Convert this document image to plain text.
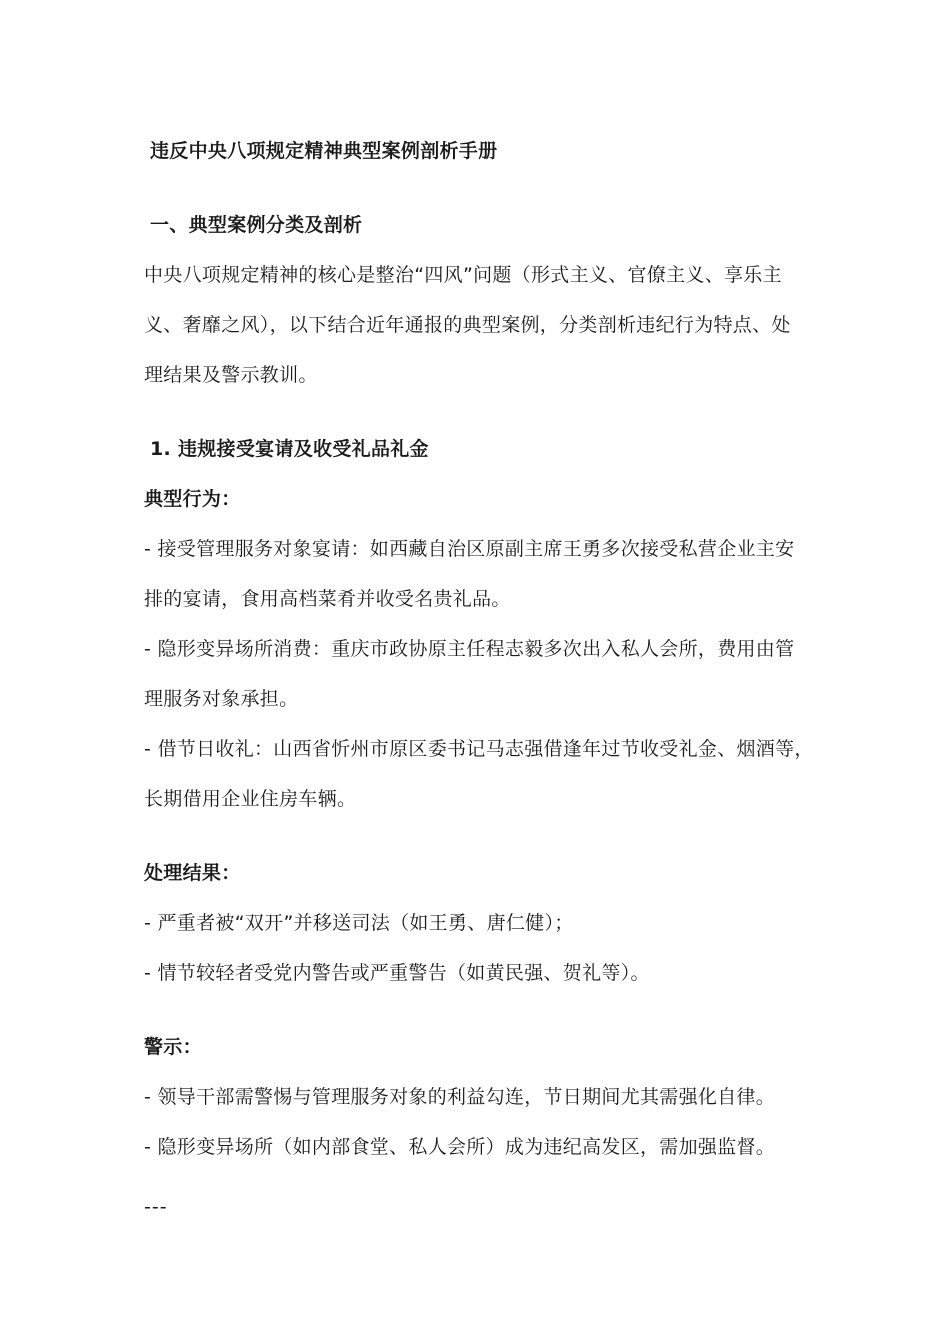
违反中央八项规定精神典型案例剖析手册
一、典型案例分类及剖析
中央八项规定精神的核心是整治“四风”问题（形式主义、官僚主义、享乐主
义、奢靡之风），以下结合近年通报的典型案例，分类剖析违纪行为特点、处
理结果及警示教训。
1. 违规接受宴请及收受礼品礼金
典型行为：
- 接受管理服务对象宴请：如西藏自治区原副主席王勇多次接受私营企业主安
排的宴请，食用高档菜肴并收受名贵礼品。
- 隐形变异场所消费：重庆市政协原主任程志毅多次出入私人会所，费用由管
理服务对象承担。
- 借节日收礼：山西省忻州市原区委书记马志强借逢年过节收受礼金、烟酒等，
长期借用企业住房车辆。
处理结果：
- 严重者被“双开”并移送司法（如王勇、唐仁健）；
- 情节较轻者受党内警告或严重警告（如黄民强、贺礼等）。
警示：
- 领导干部需警惕与管理服务对象的利益勾连，节日期间尤其需强化自律。
- 隐形变异场所（如内部食堂、私人会所）成为违纪高发区，需加强监督。
---
